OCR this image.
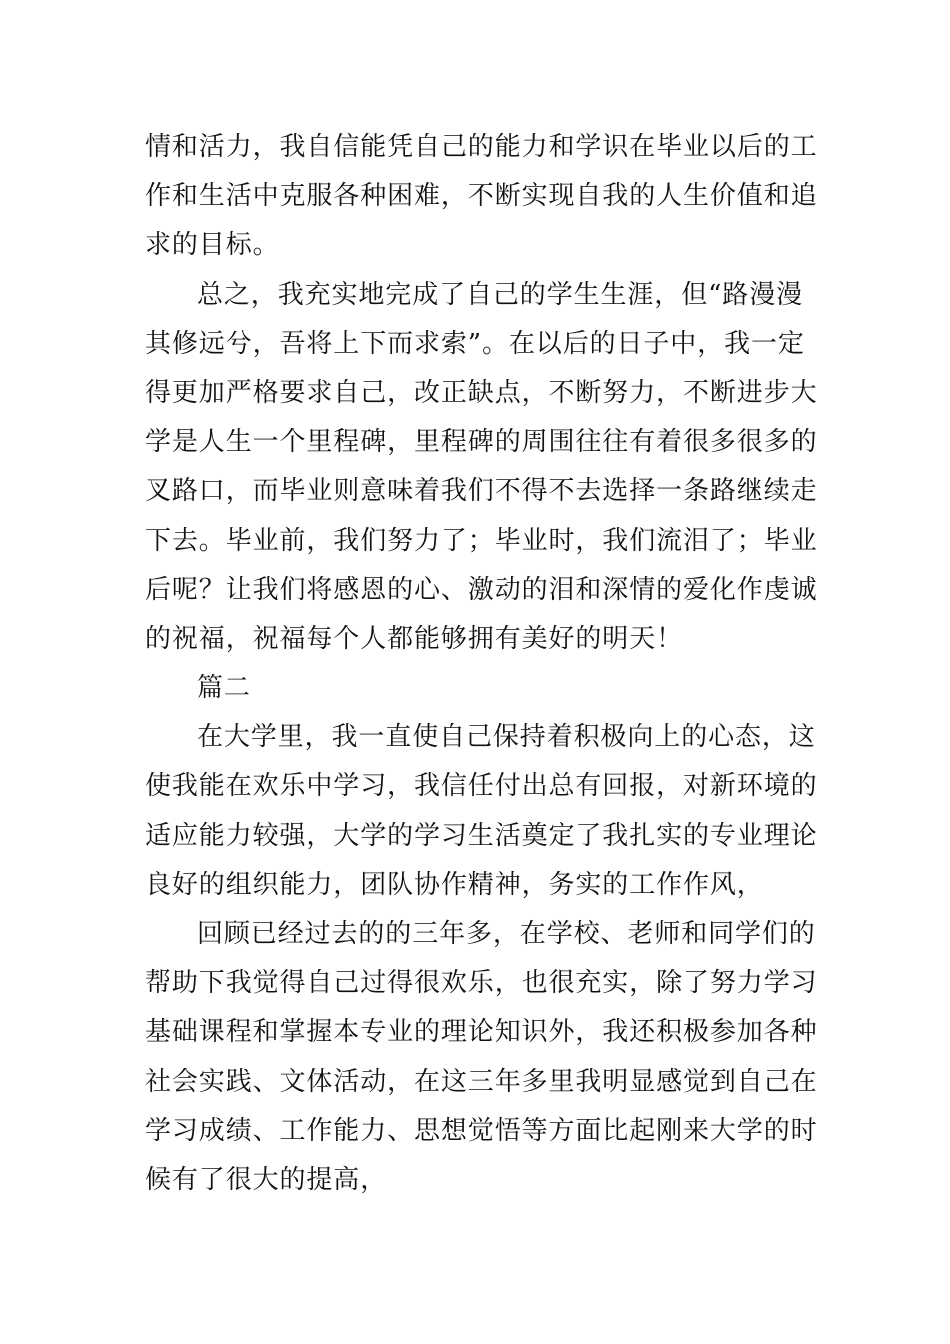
情和活力，我自信能凭自己的能力和学识在毕业以后的工
作和生活中克服各种困难，不断实现自我的人生价值和追
求的目标。
总之，我充实地完成了自己的学生生涯，但“路漫漫
其修远兮，吾将上下而求索”。在以后的日子中，我一定
得更加严格要求自己，改正缺点，不断努力，不断进步大
学是人生一个里程碑，里程碑的周围往往有着很多很多的
叉路口，而毕业则意味着我们不得不去选择一条路继续走
下去。毕业前，我们努力了；毕业时，我们流泪了；毕业
后呢？让我们将感恩的心、激动的泪和深情的爱化作虔诚
的祝福，祝福每个人都能够拥有美好的明天！
篇二
在大学里，我一直使自己保持着积极向上的心态，这
使我能在欢乐中学习，我信任付出总有回报，对新环境的
适应能力较强，大学的学习生活奠定了我扎实的专业理论
良好的组织能力，团队协作精神，务实的工作作风，
回顾已经过去的的三年多，在学校、老师和同学们的
帮助下我觉得自己过得很欢乐，也很充实，除了努力学习
基础课程和掌握本专业的理论知识外，我还积极参加各种
社会实践、文体活动，在这三年多里我明显感觉到自己在
学习成绩、工作能力、思想觉悟等方面比起刚来大学的时
候有了很大的提高，
